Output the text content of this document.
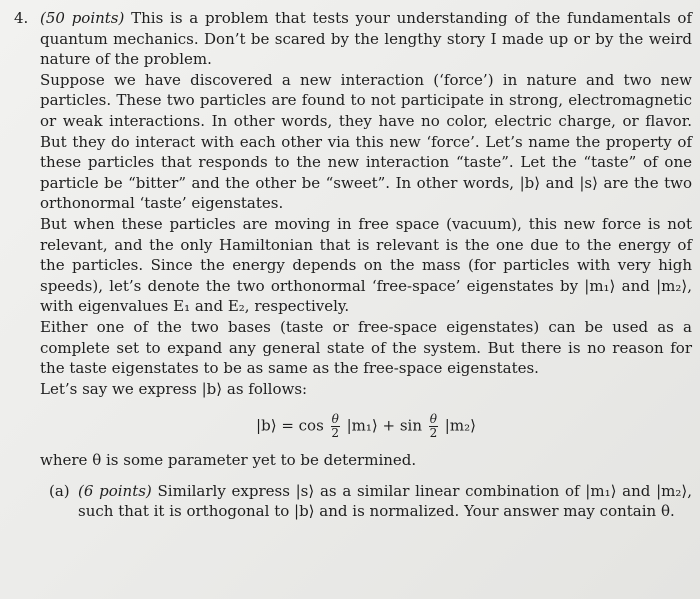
4. (50 points) This is a problem that tests your understanding of the fundamentals of quantum mechanics. Don’t be scared by the lengthy story I made up or by the weird nature of the problem.

Suppose we have discovered a new interaction (‘force’) in nature and two new particles. These two particles are found to not participate in strong, electromagnetic or weak interactions. In other words, they have no color, electric charge, or flavor. But they do interact with each other via this new ‘force’. Let’s name the property of these particles that responds to the new interaction “taste”. Let the “taste” of one particle be “bitter” and the other be “sweet”. In other words, |b⟩ and |s⟩ are the two orthonormal ‘taste’ eigenstates.

But when these particles are moving in free space (vacuum), this new force is not relevant, and the only Hamiltonian that is relevant is the one due to the energy of the particles. Since the energy depends on the mass (for particles with very high speeds), let’s denote the two orthonormal ‘free-space’ eigenstates by |m₁⟩ and |m₂⟩, with eigenvalues E₁ and E₂, respectively.

Either one of the two bases (taste or free-space eigenstates) can be used as a complete set to expand any general state of the system. But there is no reason for the taste eigenstates to be as same as the free-space eigenstates.

Let’s say we express |b⟩ as follows:

|b⟩ = $\cos \frac{\theta}{2}$ |m₁⟩ + $\sin \frac{\theta}{2}$ |m₂⟩

where θ is some parameter yet to be determined.

(a) (6 points) Similarly express |s⟩ as a similar linear combination of |m₁⟩ and |m₂⟩, such that it is orthogonal to |b⟩ and is normalized. Your answer may contain θ.
